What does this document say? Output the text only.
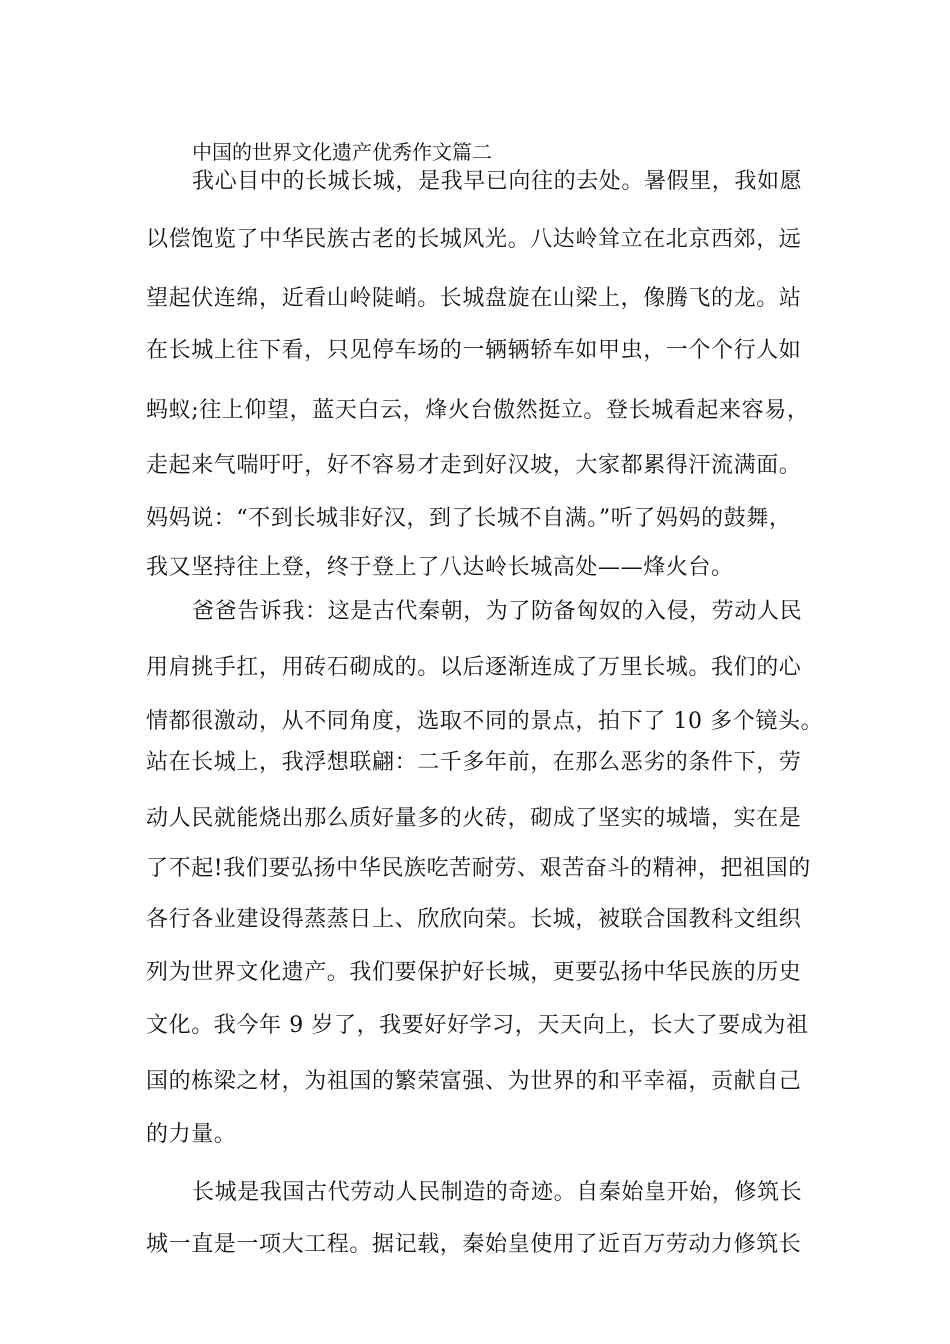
中国的世界文化遗产优秀作文篇二
我心目中的长城长城，是我早已向往的去处。暑假里，我如愿
以偿饱览了中华民族古老的长城风光。八达岭耸立在北京西郊，远
望起伏连绵，近看山岭陡峭。长城盘旋在山梁上，像腾飞的龙。站
在长城上往下看，只见停车场的一辆辆轿车如甲虫，一个个行人如
蚂蚁;往上仰望，蓝天白云，烽火台傲然挺立。登长城看起来容易，
走起来气喘吁吁，好不容易才走到好汉坡，大家都累得汗流满面。
妈妈说：“不到长城非好汉，到了长城不自满。”听了妈妈的鼓舞，
我又坚持往上登，终于登上了八达岭长城高处——烽火台。
爸爸告诉我：这是古代秦朝，为了防备匈奴的入侵，劳动人民
用肩挑手扛，用砖石砌成的。以后逐渐连成了万里长城。我们的心
情都很激动，从不同角度，选取不同的景点，拍下了 10 多个镜头。
站在长城上，我浮想联翩：二千多年前，在那么恶劣的条件下，劳
动人民就能烧出那么质好量多的火砖，砌成了坚实的城墙，实在是
了不起!我们要弘扬中华民族吃苦耐劳、艰苦奋斗的精神，把祖国的
各行各业建设得蒸蒸日上、欣欣向荣。长城，被联合国教科文组织
列为世界文化遗产。我们要保护好长城，更要弘扬中华民族的历史
文化。我今年 9 岁了，我要好好学习，天天向上，长大了要成为祖
国的栋梁之材，为祖国的繁荣富强、为世界的和平幸福，贡献自己
的力量。
长城是我国古代劳动人民制造的奇迹。自秦始皇开始，修筑长
城一直是一项大工程。据记载，秦始皇使用了近百万劳动力修筑长
